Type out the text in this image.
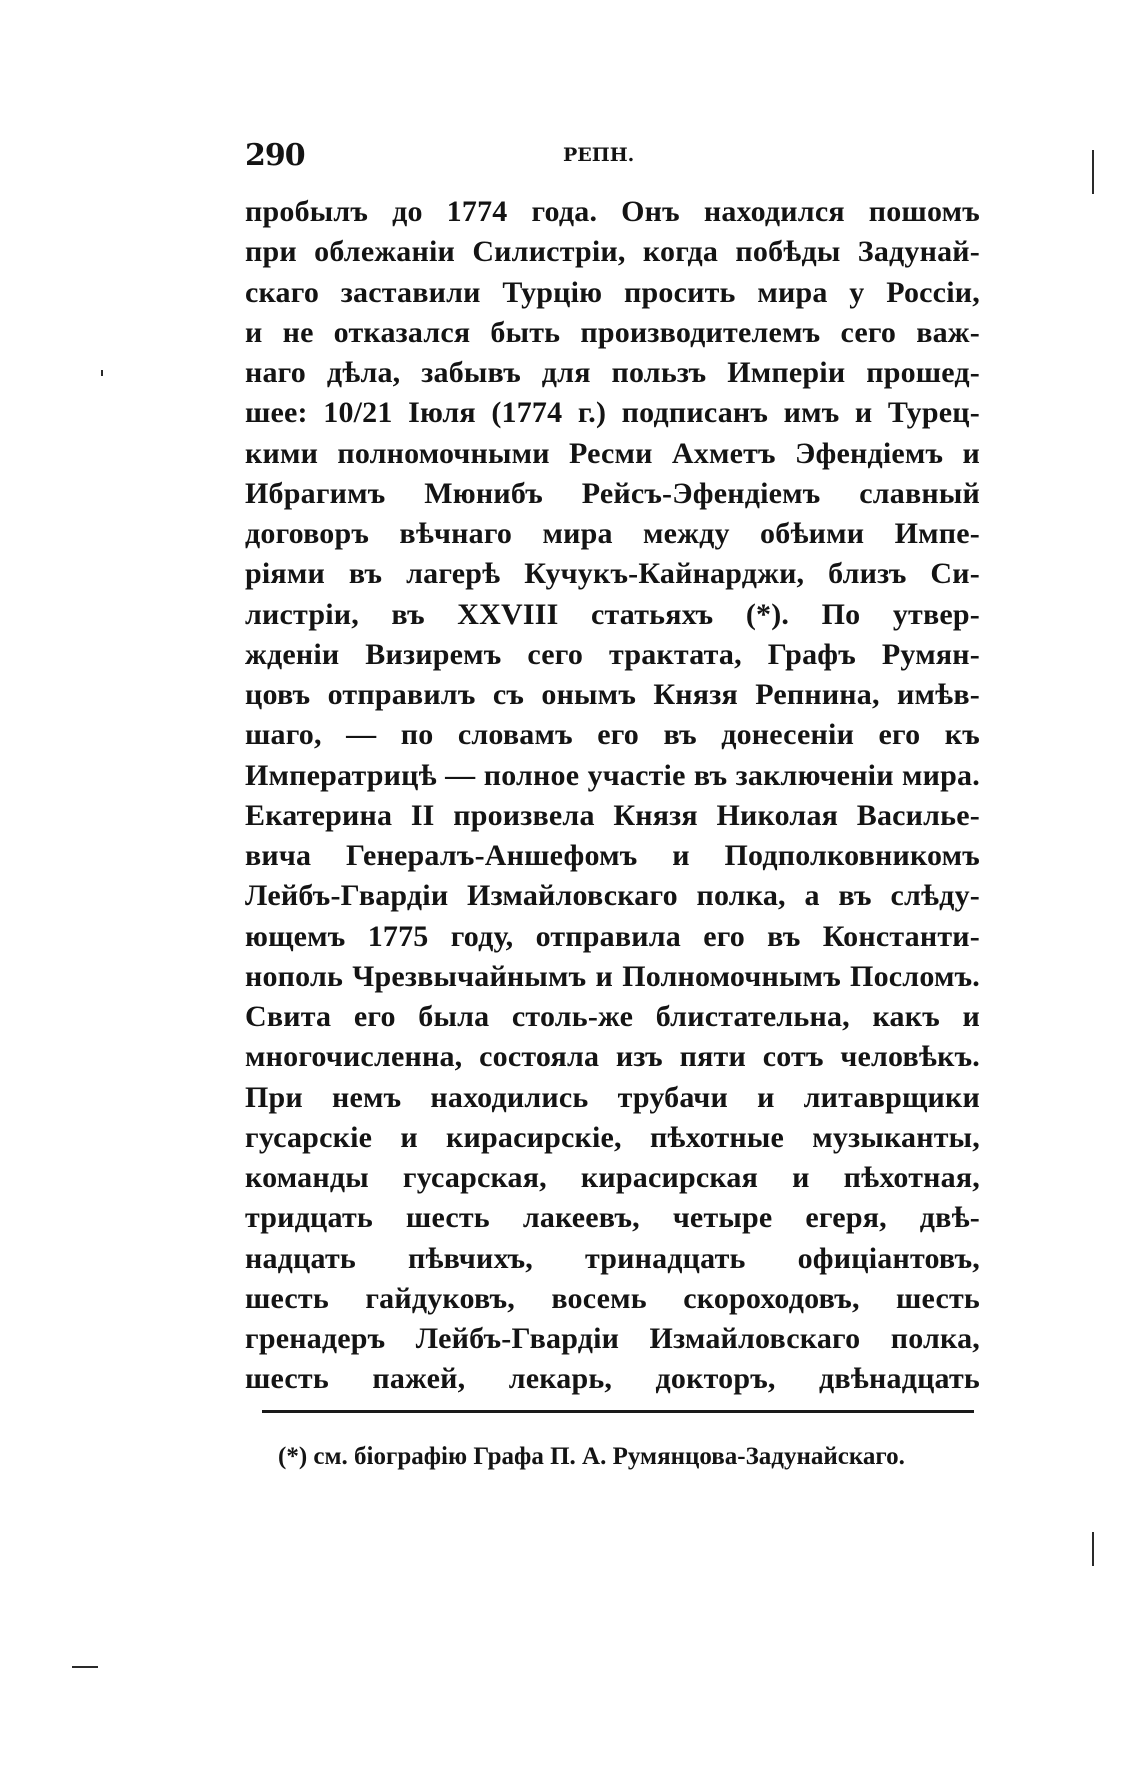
290	РЕПН.
пробылъ до 1774 года. Онъ находился пошомъ
при облежаніи Силистріи, когда побѣды Задунай-
скаго заставили Турцію просить мира у Россіи,
и не отказался быть производителемъ сего важ-
наго дѣла, забывъ для пользъ Имперіи прошед-
шее: 10/21 Іюля (1774 г.) подписанъ имъ и Турец-
кими полномочными Ресми Ахметъ Эфендіемъ и
Ибрагимъ Мюнибъ Рейсъ-Эфендіемъ славный
договоръ вѣчнаго мира между обѣими Импе-
ріями въ лагерѣ Кучукъ-Кайнарджи, близъ Си-
листріи, въ XXVIII статьяхъ (*). По утвер-
жденіи Визиремъ сего трактата, Графъ Румян-
цовъ отправилъ съ онымъ Князя Репнина, имѣв-
шаго, — по словамъ его въ донесеніи его къ
Императрицѣ — полное участіе въ заключеніи мира.
Екатерина II произвела Князя Николая Василье-
вича Генералъ-Аншефомъ и Подполковникомъ
Лейбъ-Гвардіи Измайловскаго полка, а въ слѣду-
ющемъ 1775 году, отправила его въ Константи-
нополь Чрезвычайнымъ и Полномочнымъ Посломъ.
Свита его была столь-же блистательна, какъ и
многочисленна, состояла изъ пяти сотъ человѣкъ.
При немъ находились трубачи и литаврщики
гусарскіе и кирасирскіе, пѣхотные музыканты,
команды гусарская, кирасирская и пѣхотная,
тридцать шесть лакеевъ, четыре егеря, двѣ-
надцать пѣвчихъ, тринадцать офиціантовъ,
шесть гайдуковъ, восемь скороходовъ, шесть
гренадеръ Лейбъ-Гвардіи Измайловскаго полка,
шесть пажей, лекарь, докторъ, двѣнадцать
(*) см. біографію Графа П. А. Румянцова-Задунайскаго.
